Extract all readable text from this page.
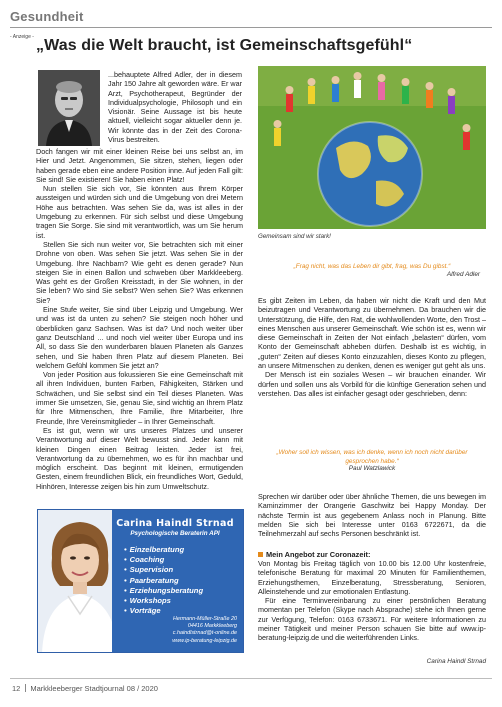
Gesundheit
- Anzeige - „Was die Welt braucht, ist Gemeinschaftsgefühl“

...behauptete Alfred Adler, der in diesem Jahr 150 Jahre alt geworden wäre. Er war Arzt, Psychotherapeut, Begründer der Individualpsychologie, Philosoph und ein Visionär. Seine Aussage ist bis heute aktuell, vielleicht sogar aktueller denn je. Wir könnte das in der Zeit des Corona-Virus bestreiten.

Doch fangen wir mit einer kleinen Reise bei uns selbst an, im Hier und Jetzt. Angenommen, Sie sitzen, stehen, liegen oder haben gerade eben eine andere Position inne. Auf jeden Fall gilt: Sie sind! Sie existieren! Sie haben einen Platz!

Nun stellen Sie sich vor, Sie könnten aus Ihrem Körper aussteigen und würden sich und die Umgebung von drei Metern Höhe aus betrachten. Was sehen Sie da, was ist alles in der Umgebung zu erkennen. Für sich selbst und diese Umgebung tragen Sie Sorge. Sie sind mit verantwortlich, was um Sie herum ist.

Stellen Sie sich nun weiter vor, Sie betrachten sich mit einer Drohne von oben. Was sehen Sie jetzt. Was sehen Sie in der Umgebung. Ihre Nachbarn? Wie geht es denen gerade? Nun steigen Sie in einen Ballon und schweben über Markkleeberg. Was geht es der Großen Kreisstadt, in der Sie wohnen, in der Sie leben? Wo sind Sie selbst? Wen sehen Sie? Was erkennen Sie?

Eine Stufe weiter, Sie sind über Leipzig und Umgebung. Wer und was ist da unten zu sehen? Sie steigen noch höher und überblicken ganz Sachsen. Was ist da? Und noch weiter über ganz Deutschland ... und noch viel weiter über Europa und ins All, so dass Sie den wunderbaren blauen Planeten als Ganzes sehen, und Sie haben Ihren Platz auf diesem Planeten. Bei welchem Gefühl kommen Sie jetzt an?

Von jeder Position aus fokussieren Sie eine Gemeinschaft mit all ihren Individuen, bunten Farben, Fähigkeiten, Stärken und Schwächen, und Sie selbst sind ein Teil dieses Planeten. Was immer Sie umsetzen, Sie, genau Sie, sind wichtig an Ihrem Platz für Ihre Mitmenschen, Ihre Familie, Ihre Mitarbeiter, Ihre Freunde, Ihre Vereinsmitglieder – in Ihrer Gemeinschaft.

Es ist gut, wenn wir uns unseres Platzes und unserer Verantwortung auf dieser Welt bewusst sind. Jeder kann mit kleinen Dingen einen Beitrag leisten. Jeder ist frei, Verantwortung da zu übernehmen, wo es für ihn machbar und möglich erscheint. Das beginnt mit kleinen, ermutigenden Gesten, einem freundlichen Blick, ein freundliches Wort, Geduld, Hinhören, Interesse zeigen bis hin zum Umweltschutz.

Gemeinsam sind wir stark!
„Frag nicht, was das Leben dir gibt, frag, was Du gibst.“
Alfred Adler

Es gibt Zeiten im Leben, da haben wir nicht die Kraft und den Mut beizutragen und Verantwortung zu übernehmen. Da brauchen wir die Unterstützung, die Hilfe, den Rat, die wohlwollenden Worte, den Trost – eines Menschen aus unserer Gemeinschaft. Wie schön ist es, wenn wir diese Gemeinschaft in Zeiten der Not einfach „belasten“ dürfen, vom Konto der Gemeinschaft abheben dürfen. Deshalb ist es wichtig, in „guten“ Zeiten auf dieses Konto einzuzahlen, dieses Konto zu pflegen, an unsere Mitmenschen zu denken, denen es weniger gut geht als uns.

Der Mensch ist ein soziales Wesen – wir brauchen einander. Wir dürfen und sollen uns als Vorbild für die künftige Generation sehen und verstehen. Das alles ist einfacher gesagt oder geschrieben, denn:

„Woher soll ich wissen, was ich denke, wenn ich noch nicht darüber gesprochen habe.“
Paul Watzlawick

Sprechen wir darüber oder über ähnliche Themen, die uns bewegen im Kaminzimmer der Orangerie Gaschwitz bei Happy Monday. Der nächste Termin ist aus gegebenem Anlass noch in Planung. Bitte melden Sie sich bei Interesse unter 0163 6722671, da die Teilnehmerzahl auf sechs Personen beschränkt ist.

Mein Angebot zur Coronazeit:

Von Montag bis Freitag täglich von 10.00 bis 12.00 Uhr kostenfreie, telefonische Beratung für maximal 20 Minuten für Familienthemen, Erziehungsthemen, Einzelberatung, Stressberatung, Senioren, Alleinstehende und zur emotionalen Entlastung.

Für eine Terminvereinbarung zu einer persönlichen Beratung momentan per Telefon (Skype nach Absprache) stehe ich Ihnen gerne zur Verfügung, Telefon: 0163 6733671. Für weitere Informationen zu meiner Tätigkeit und meiner Person schauen Sie bitte auf www.ip-beratung-leipzig.de und die weiterführenden Links.

Carina Haindl Strnad
Carina Haindl Strnad
Psychologische Beraterin API
• Einzelberatung
• Coaching
• Supervision
• Paarberatung
• Erziehungsberatung
• Workshops
• Vorträge
Hermann-Müller-Straße 20
04416 Markkleeberg
c.haindlstrnad@t-online.de
www.ip-beratung-leipzig.de
12 Markkleeberger Stadtjournal 08 / 2020
